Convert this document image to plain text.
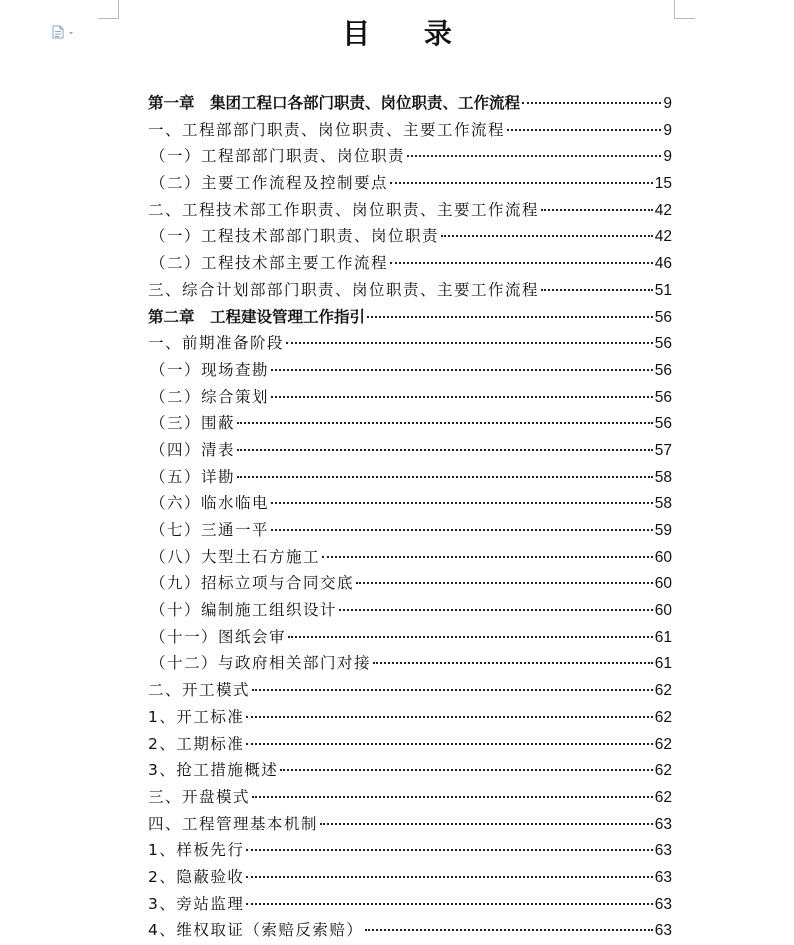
目 录
第一章　集团工程口各部门职责、岗位职责、工作流程	9
一、工程部部门职责、岗位职责、主要工作流程	9
（一）工程部部门职责、岗位职责	9
（二）主要工作流程及控制要点	15
二、工程技术部工作职责、岗位职责、主要工作流程	42
（一）工程技术部部门职责、岗位职责	42
（二）工程技术部主要工作流程	46
三、综合计划部部门职责、岗位职责、主要工作流程	51
第二章　工程建设管理工作指引	56
一、前期准备阶段	56
（一）现场查勘	56
（二）综合策划	56
（三）围蔽	56
（四）清表	57
（五）详勘	58
（六）临水临电	58
（七）三通一平	59
（八）大型土石方施工	60
（九）招标立项与合同交底	60
（十）编制施工组织设计	60
（十一）图纸会审	61
（十二）与政府相关部门对接	61
二、开工模式	62
1、开工标准	62
2、工期标准	62
3、抢工措施概述	62
三、开盘模式	62
四、工程管理基本机制	63
1、样板先行	63
2、隐蔽验收	63
3、旁站监理	63
4、维权取证（索赔反索赔）	63
